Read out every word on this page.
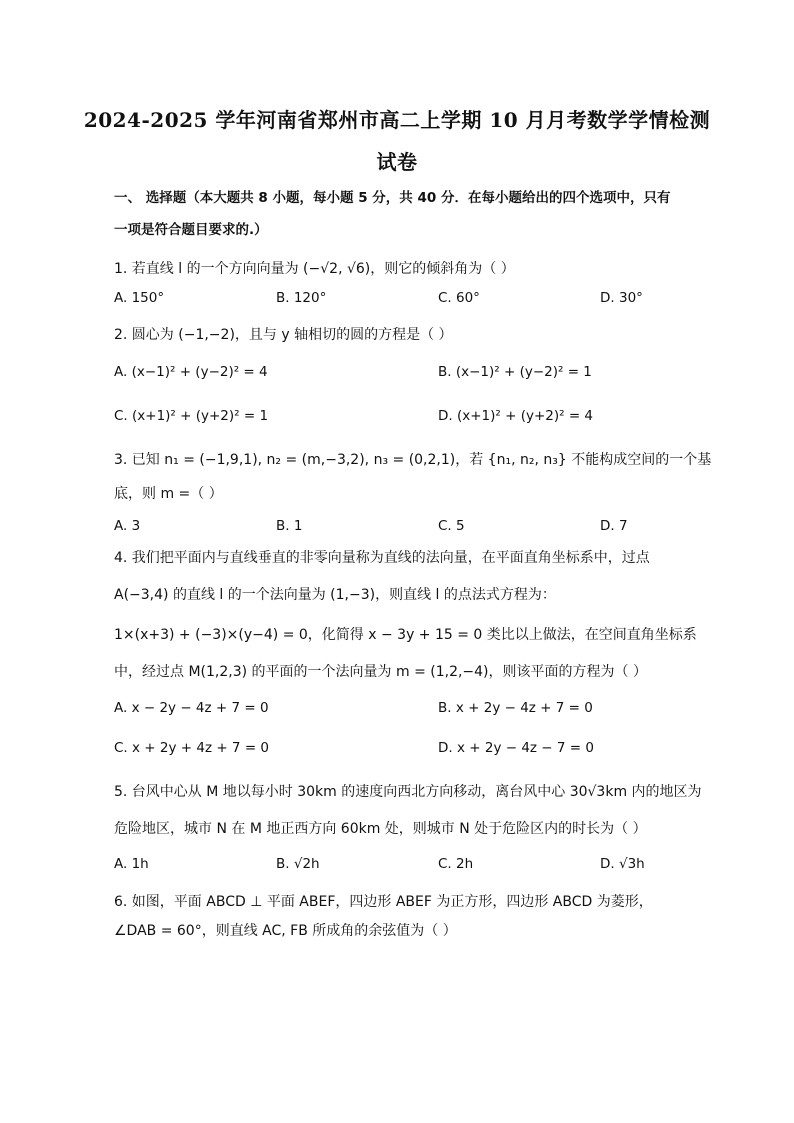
2024-2025 学年河南省郑州市高二上学期 10 月月考数学学情检测
试卷
一、 选择题（本大题共 8 小题，每小题 5 分，共 40 分．在每小题给出的四个选项中，只有
一项是符合题目要求的.）
1. 若直线 l 的一个方向向量为 (−√2, √6)，则它的倾斜角为（ ）
A. 150°	B. 120°	C. 60°	D. 30°
2. 圆心为 (−1,−2)，且与 y 轴相切的圆的方程是（ ）
A. (x−1)² + (y−2)² = 4	B. (x−1)² + (y−2)² = 1
C. (x+1)² + (y+2)² = 1	D. (x+1)² + (y+2)² = 4
3. 已知 n₁ = (−1,9,1), n₂ = (m,−3,2), n₃ = (0,2,1)，若 {n₁, n₂, n₃} 不能构成空间的一个基
底，则 m =（ ）
A. 3	B. 1	C. 5	D. 7
4. 我们把平面内与直线垂直的非零向量称为直线的法向量，在平面直角坐标系中，过点
A(−3,4) 的直线 l 的一个法向量为 (1,−3)，则直线 l 的点法式方程为：
1×(x+3) + (−3)×(y−4) = 0，化简得 x − 3y + 15 = 0 类比以上做法，在空间直角坐标系
中，经过点 M(1,2,3) 的平面的一个法向量为 m = (1,2,−4)，则该平面的方程为（ ）
A. x − 2y − 4z + 7 = 0	B. x + 2y − 4z + 7 = 0
C. x + 2y + 4z + 7 = 0	D. x + 2y − 4z − 7 = 0
5. 台风中心从 M 地以每小时 30km 的速度向西北方向移动，离台风中心 30√3km 内的地区为
危险地区，城市 N 在 M 地正西方向 60km 处，则城市 N 处于危险区内的时长为（ ）
A. 1h	B. √2h	C. 2h	D. √3h
6. 如图，平面 ABCD ⊥ 平面 ABEF，四边形 ABEF 为正方形，四边形 ABCD 为菱形，
∠DAB = 60°，则直线 AC, FB 所成角的余弦值为（ ）
